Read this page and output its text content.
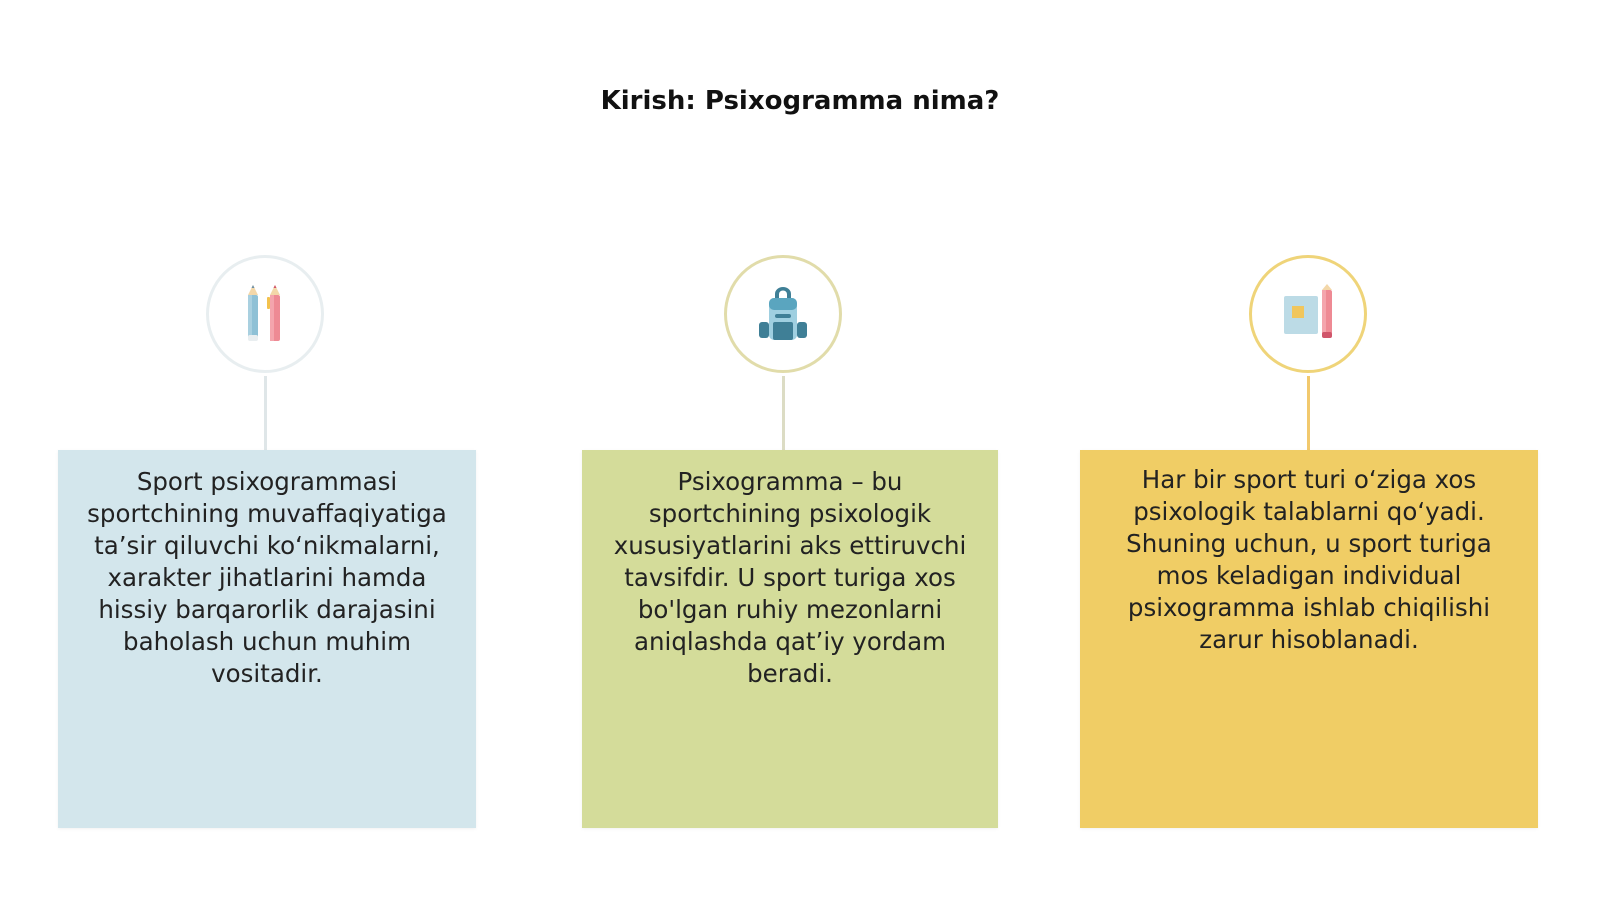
Kirish: Psixogramma nima?
Sport psixogrammasi sportchining muvaffaqiyatiga ta’sir qiluvchi ko‘nikmalarni, xarakter jihatlarini hamda hissiy barqarorlik darajasini baholash uchun muhim vositadir.
Psixogramma – bu sportchining psixologik xususiyatlarini aks ettiruvchi tavsifdir. U sport turiga xos bo'lgan ruhiy mezonlarni aniqlashda qat’iy yordam beradi.
Har bir sport turi o‘ziga xos psixologik talablarni qo‘yadi. Shuning uchun, u sport turiga mos keladigan individual psixogramma ishlab chiqilishi zarur hisoblanadi.
